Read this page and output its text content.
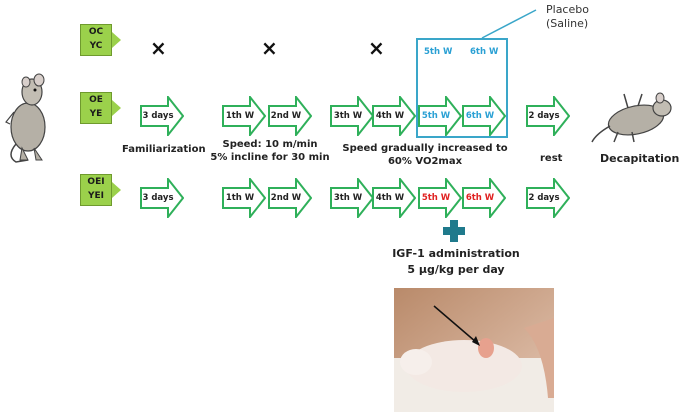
OC
YC
OE
YE
OEI
YEI
×	×	×
Placebo
(Saline)
5th W 6th W
3 days	1th W	2nd W	3th W	4th W	5th W	6th W	2 days
Familiarization	Speed: 10 m/min
5% incline for 30 min
Speed gradually increased to
60% VO2max	rest	Decapitation
3 days	1th W	2nd W	3th W	4th W	5th W	6th W	2 days
IGF-1 administration
5 µg/kg per day
